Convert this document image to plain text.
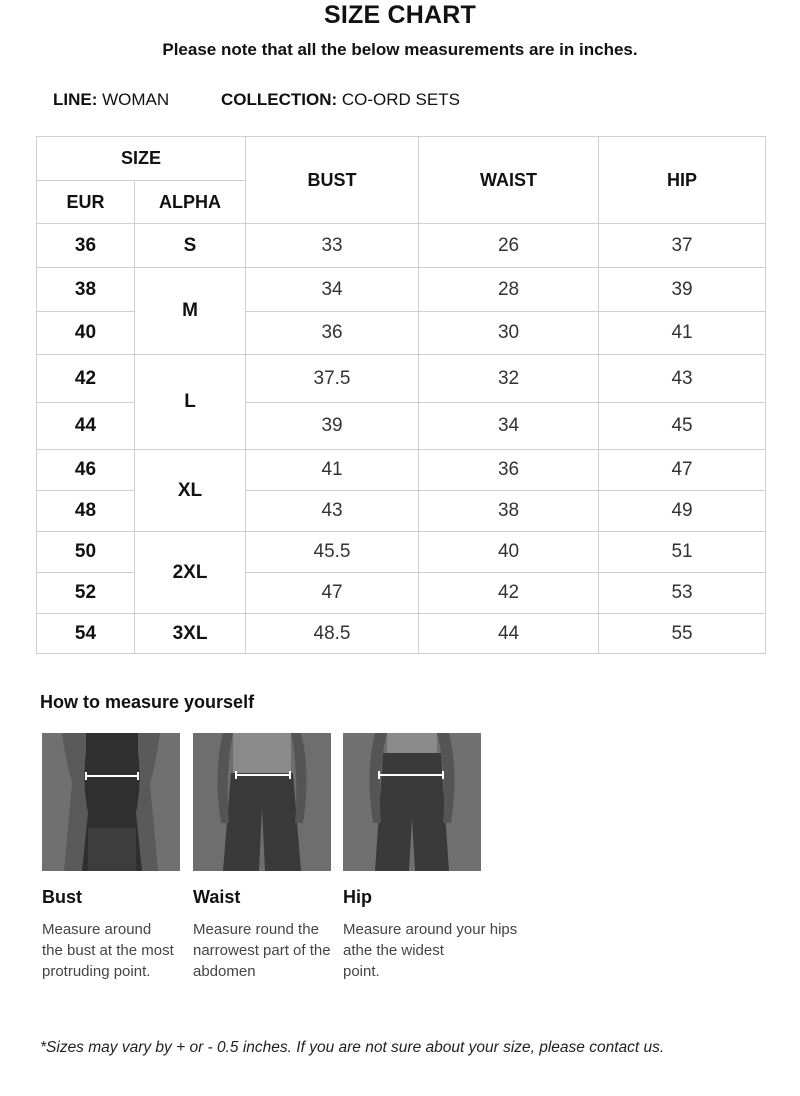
SIZE CHART
Please note that all the below measurements are in inches.
LINE: WOMAN	COLLECTION: CO-ORD SETS
SIZE		BUST	WAIST	HIP
EUR	ALPHA			
36	S	33	26	37
38	M	34	28	39
40		36	30	41
42	L	37.5	32	43
44		39	34	45
46	XL	41	36	47
48		43	38	49
50	2XL	45.5	40	51
52		47	42	53
54	3XL	48.5	44	55
How to measure yourself
Bust	Waist	Hip
Measure around
the bust at the most
protruding point.
Measure round the
narrowest part of the
abdomen
Measure around your hips
athe the widest
point.
*Sizes may vary by + or - 0.5 inches. If you are not sure about your size, please contact us.
